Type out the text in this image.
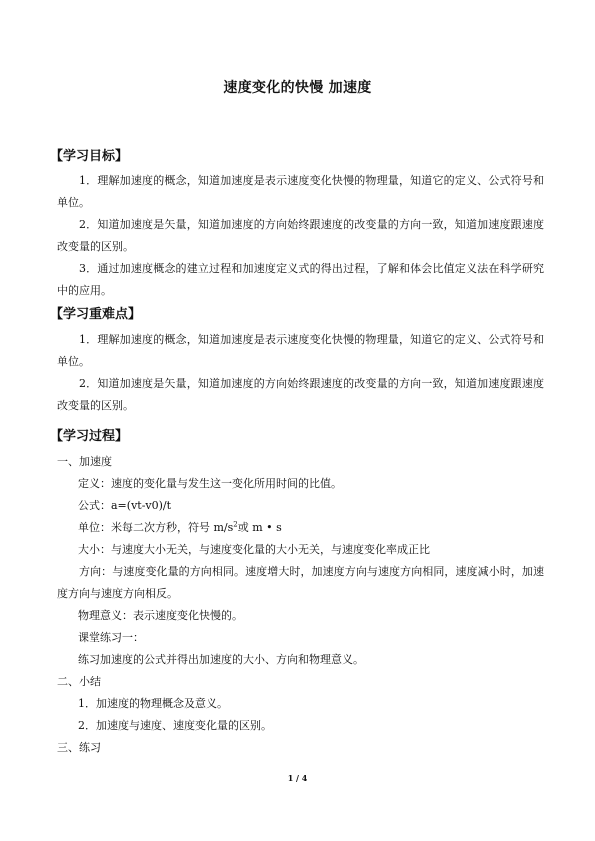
速度变化的快慢 加速度
【学习目标】
1．理解加速度的概念，知道加速度是表示速度变化快慢的物理量，知道它的定义、公式符号和单位。
2．知道加速度是矢量，知道加速度的方向始终跟速度的改变量的方向一致，知道加速度跟速度改变量的区别。
3．通过加速度概念的建立过程和加速度定义式的得出过程，了解和体会比值定义法在科学研究中的应用。
【学习重难点】
1．理解加速度的概念，知道加速度是表示速度变化快慢的物理量，知道它的定义、公式符号和单位。
2．知道加速度是矢量，知道加速度的方向始终跟速度的改变量的方向一致，知道加速度跟速度改变量的区别。
【学习过程】
一、加速度
定义：速度的变化量与发生这一变化所用时间的比值。
公式：a=(vt-v0)/t
单位：米每二次方秒，符号 $m/s^2$或 m • s
大小：与速度大小无关，与速度变化量的大小无关，与速度变化率成正比
方向：与速度变化量的方向相同。速度增大时，加速度方向与速度方向相同，速度减小时，加速度方向与速度方向相反。
物理意义：表示速度变化快慢的。
课堂练习一：
练习加速度的公式并得出加速度的大小、方向和物理意义。
二、小结
1．加速度的物理概念及意义。
2．加速度与速度、速度变化量的区别。
三、练习
1 / 4
